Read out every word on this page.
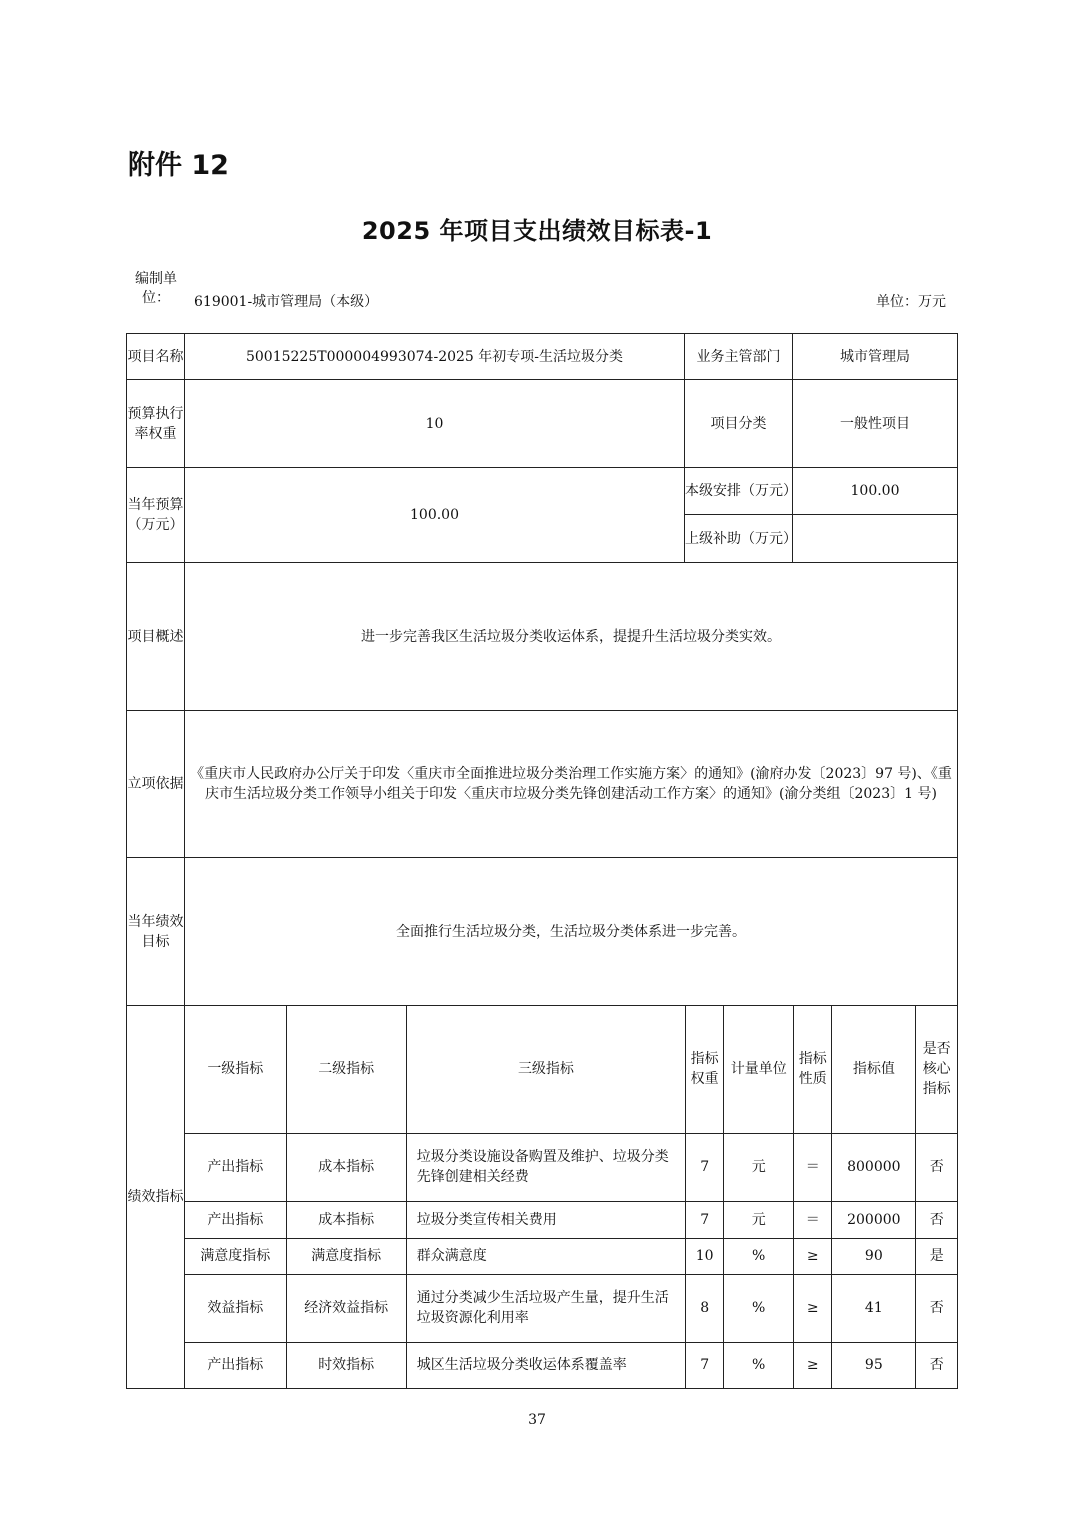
附件 12
2025 年项目支出绩效目标表-1
编制单位：	619001-城市管理局（本级）	单位：万元
项目名称	50015225T000004993074-2025 年初专项-生活垃圾分类	业务主管部门	城市管理局
预算执行率权重	10	项目分类	一般性项目
当年预算（万元）	100.00	本级安排（万元）	100.00
上级补助（万元）	
项目概述	进一步完善我区生活垃圾分类收运体系，提提升生活垃圾分类实效。
立项依据	《重庆市人民政府办公厅关于印发〈重庆市全面推进垃圾分类治理工作实施方案〉的通知》(渝府办发〔2023〕97 号)、《重庆市生活垃圾分类工作领导小组关于印发〈重庆市垃圾分类先锋创建活动工作方案〉的通知》(渝分类组〔2023〕1 号)
当年绩效目标	全面推行生活垃圾分类，生活垃圾分类体系进一步完善。
绩效指标	
一级指标	二级指标	三级指标	指标权重	计量单位	指标性质	指标值	是否核心指标
产出指标	成本指标	垃圾分类设施设备购置及维护、垃圾分类先锋创建相关经费	7	元	＝	800000	否
产出指标	成本指标	垃圾分类宣传相关费用	7	元	＝	200000	否
满意度指标	满意度指标	群众满意度	10	%	≥	90	是
效益指标	经济效益指标	通过分类减少生活垃圾产生量，提升生活垃圾资源化利用率	8	%	≥	41	否
产出指标	时效指标	城区生活垃圾分类收运体系覆盖率	7	%	≥	95	否
37
